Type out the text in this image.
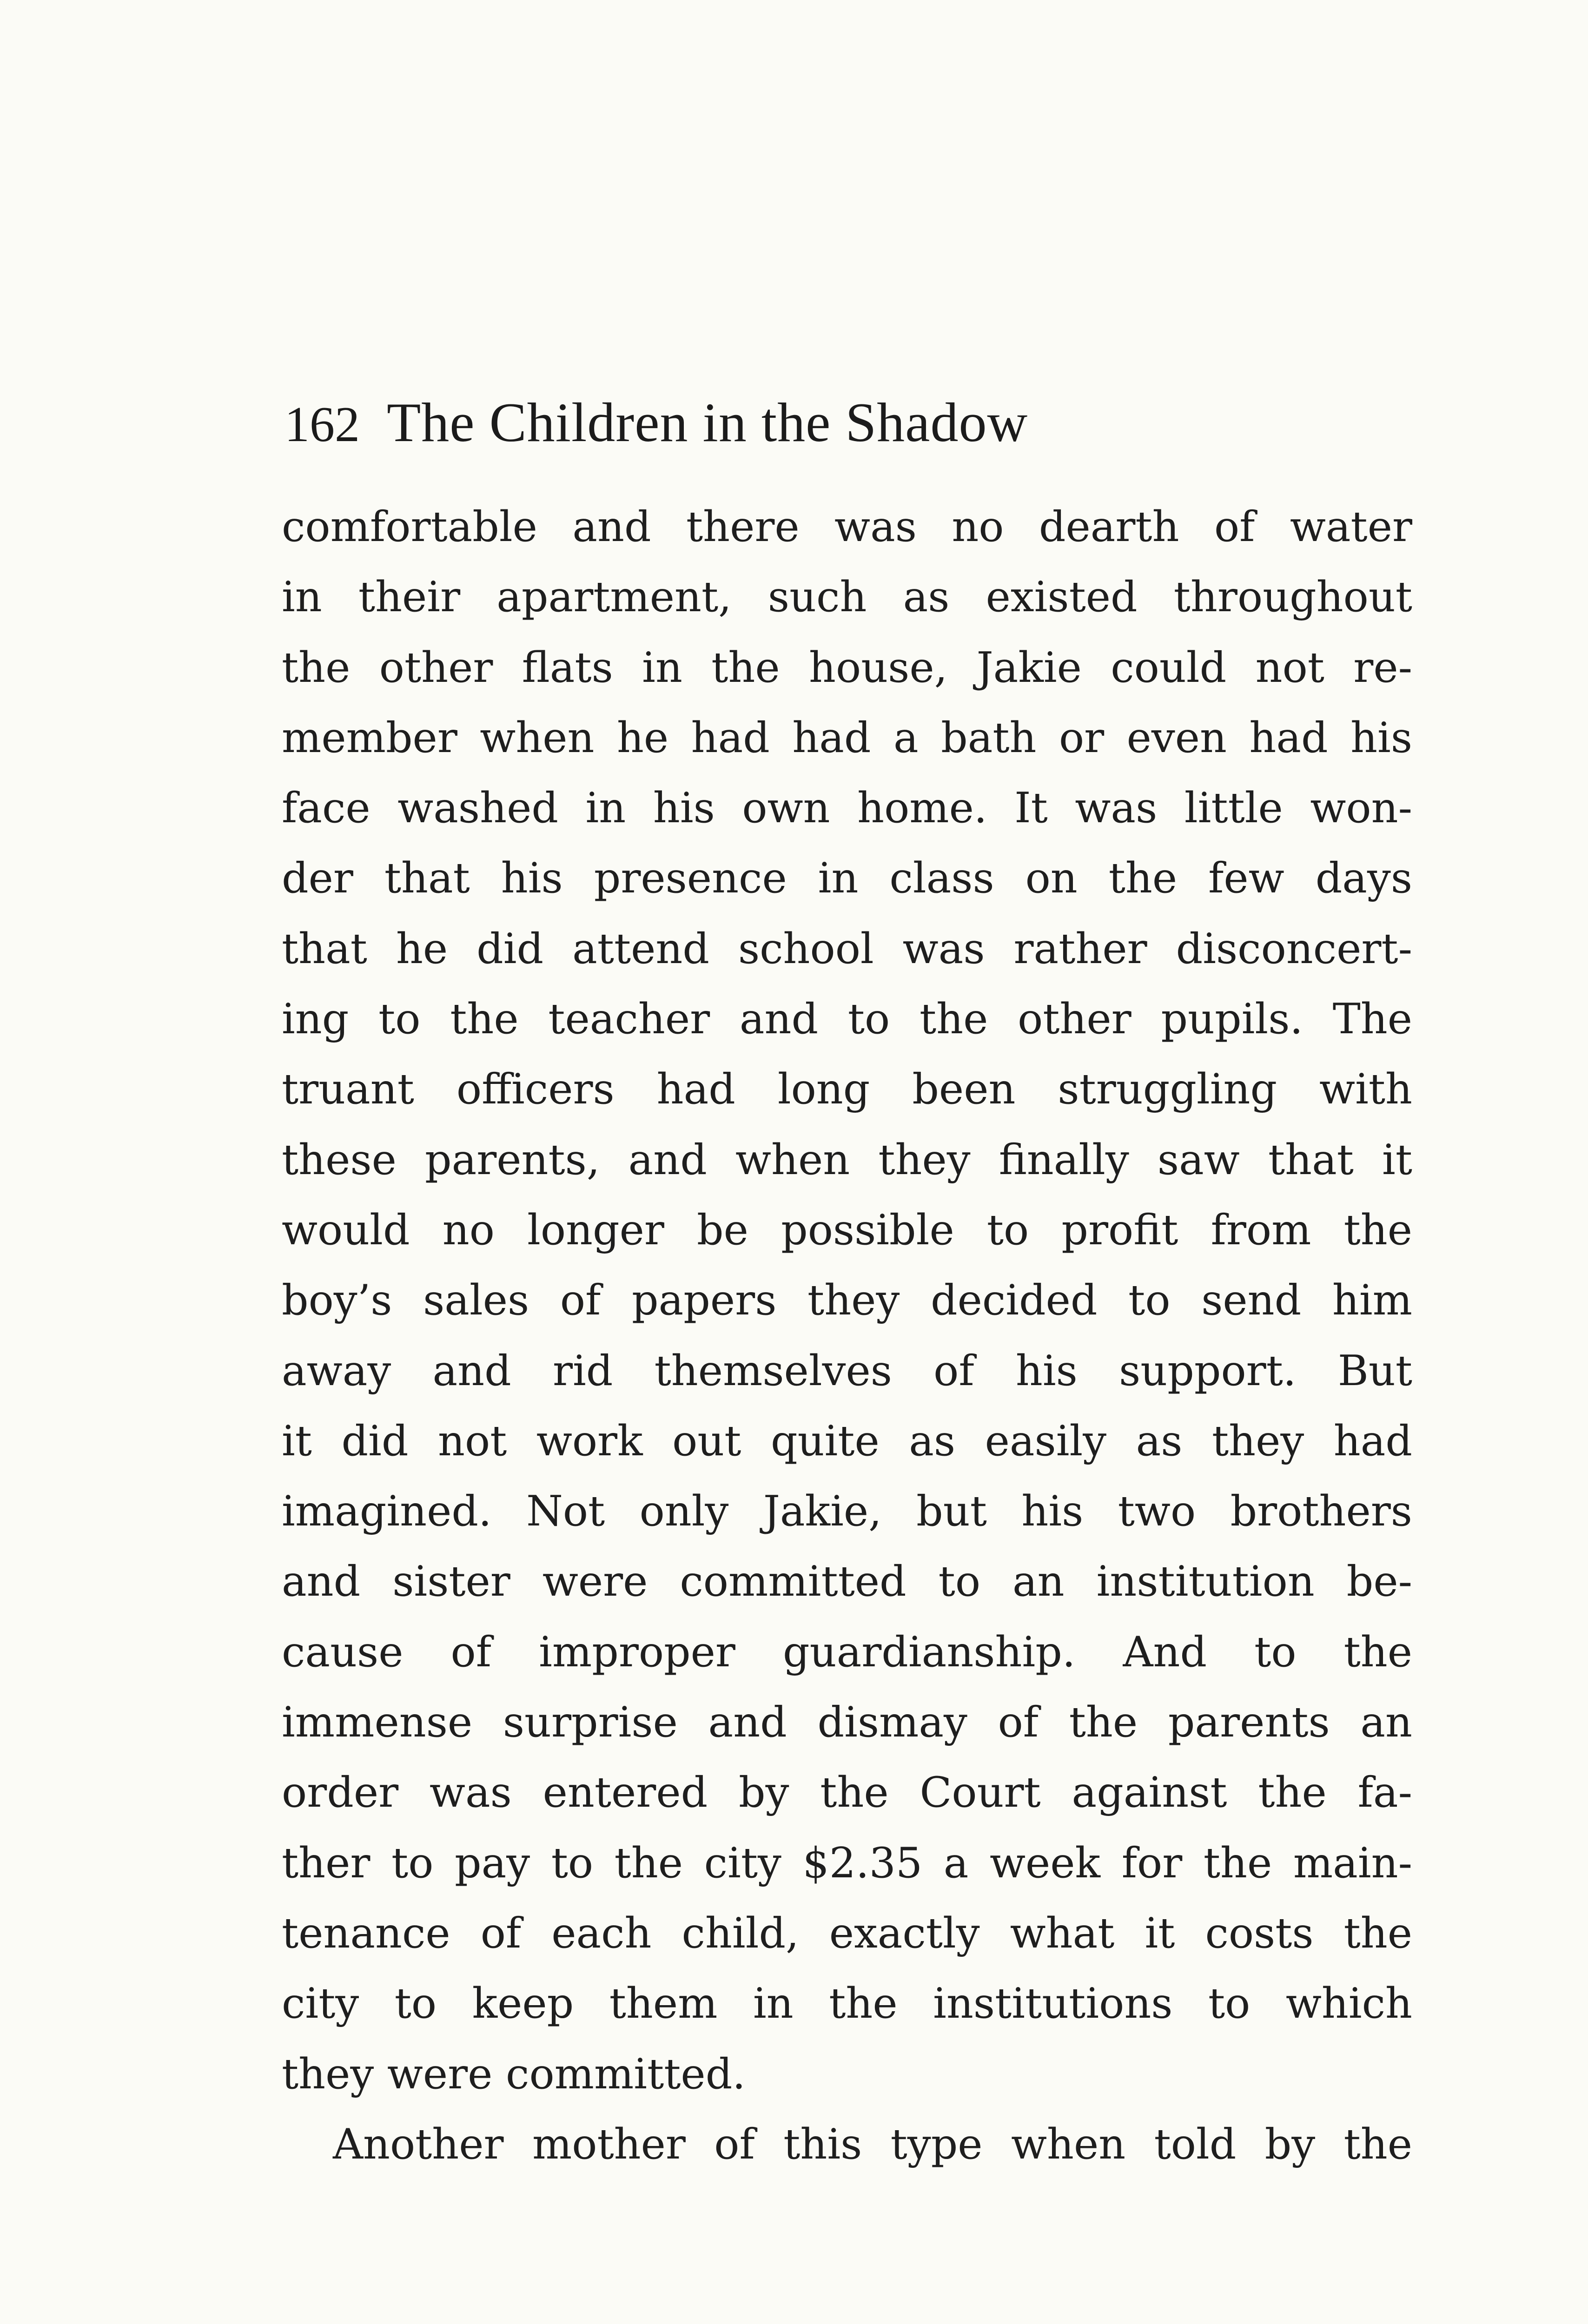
162 The Children in the Shadow
comfortable and there was no dearth of water
in their apartment, such as existed throughout
the other flats in the house, Jakie could not re-
member when he had had a bath or even had his
face washed in his own home. It was little won-
der that his presence in class on the few days
that he did attend school was rather disconcert-
ing to the teacher and to the other pupils. The
truant officers had long been struggling with
these parents, and when they finally saw that it
would no longer be possible to profit from the
boy’s sales of papers they decided to send him
away and rid themselves of his support. But
it did not work out quite as easily as they had
imagined. Not only Jakie, but his two brothers
and sister were committed to an institution be-
cause of improper guardianship. And to the
immense surprise and dismay of the parents an
order was entered by the Court against the fa-
ther to pay to the city $2.35 a week for the main-
tenance of each child, exactly what it costs the
city to keep them in the institutions to which
they were committed.
Another mother of this type when told by the
